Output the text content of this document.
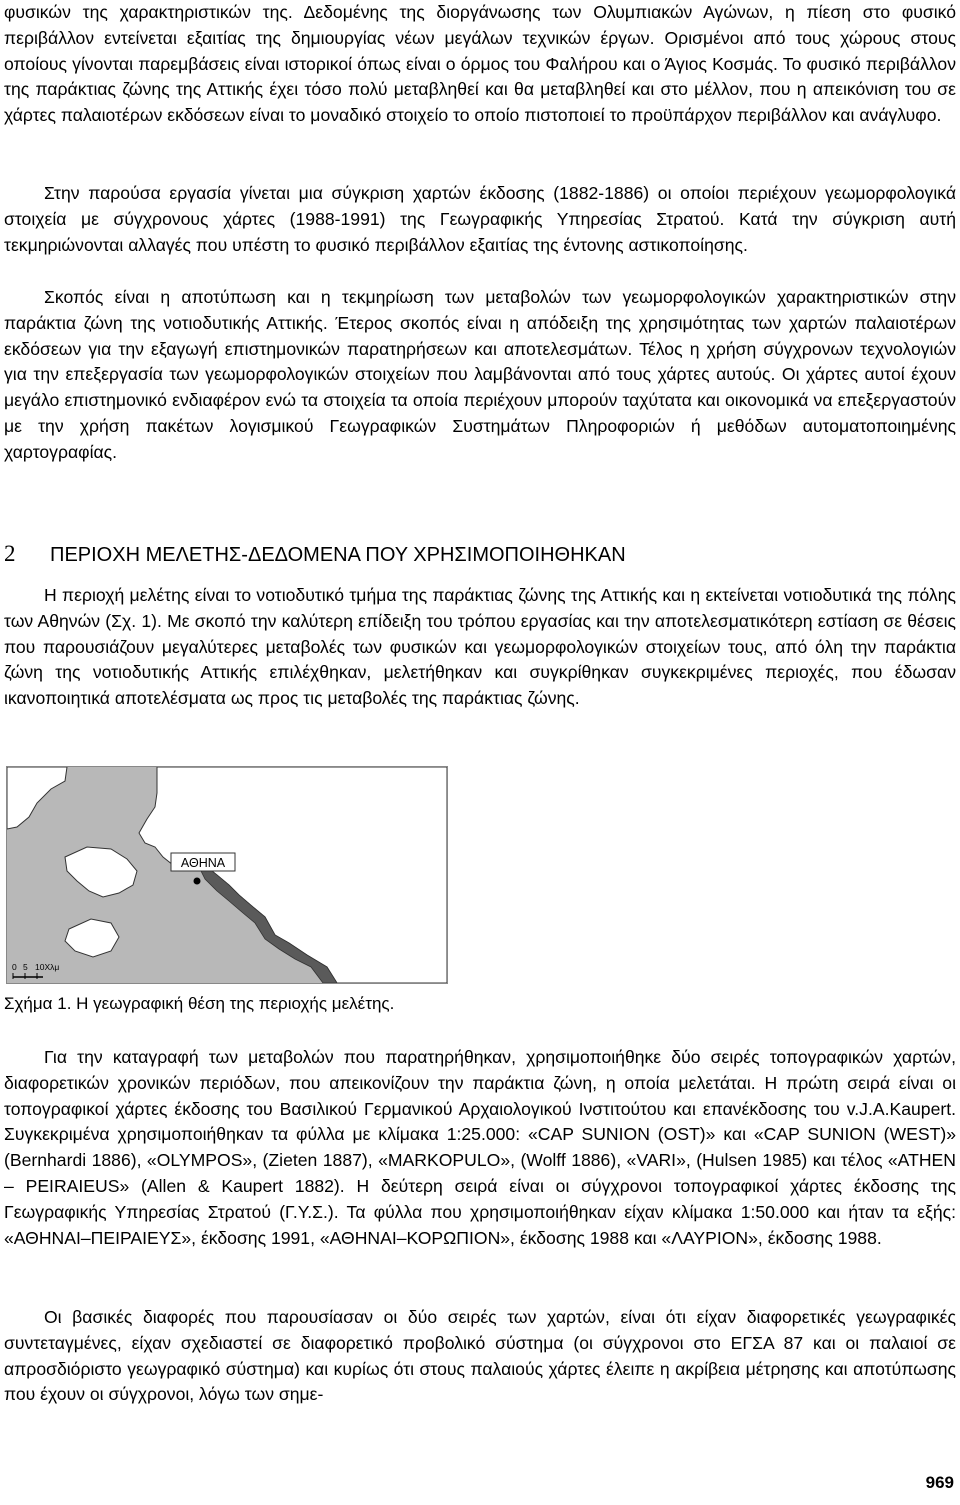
φυσικών της χαρακτηριστικών της. Δεδομένης της διοργάνωσης των Ολυμπιακών Αγώνων, η πίεση στο φυσικό περιβάλλον εντείνεται εξαιτίας της δημιουργίας νέων μεγάλων τεχνικών έργων. Ορισμένοι από τους χώρους στους οποίους γίνονται παρεμβάσεις είναι ιστορικοί όπως είναι ο όρμος του Φαλήρου και ο Άγιος Κοσμάς. Το φυσικό περιβάλλον της παράκτιας ζώνης της Αττικής έχει τόσο πολύ μεταβληθεί και θα μεταβληθεί και στο μέλλον, που η απεικόνιση του σε χάρτες παλαιοτέρων εκδόσεων είναι το μοναδικό στοιχείο το οποίο πιστοποιεί το προϋπάρχον περιβάλλον και ανάγλυφο.

Στην παρούσα εργασία γίνεται μια σύγκριση χαρτών έκδοσης (1882-1886) οι οποίοι περιέχουν γεωμορφολογικά στοιχεία με σύγχρονους χάρτες (1988-1991) της Γεωγραφικής Υπηρεσίας Στρατού. Κατά την σύγκριση αυτή τεκμηριώνονται αλλαγές που υπέστη το φυσικό περιβάλλον εξαιτίας της έντονης αστικοποίησης.

Σκοπός είναι η αποτύπωση και η τεκμηρίωση των μεταβολών των γεωμορφολογικών χαρακτηριστικών στην παράκτια ζώνη της νοτιοδυτικής Αττικής. Έτερος σκοπός είναι η απόδειξη της χρησιμότητας των χαρτών παλαιοτέρων εκδόσεων για την εξαγωγή επιστημονικών παρατηρήσεων και αποτελεσμάτων. Τέλος η χρήση σύγχρονων τεχνολογιών για την επεξεργασία των γεωμορφολογικών στοιχείων που λαμβάνονται από τους χάρτες αυτούς. Οι χάρτες αυτοί έχουν μεγάλο επιστημονικό ενδιαφέρον ενώ τα στοιχεία τα οποία περιέχουν μπορούν ταχύτατα και οικονομικά να επεξεργαστούν με την χρήση πακέτων λογισμικού Γεωγραφικών Συστημάτων Πληροφοριών ή μεθόδων αυτοματοποιημένης χαρτογραφίας.

2 ΠΕΡΙΟΧΗ ΜΕΛΕΤΗΣ-ΔΕΔΟΜΕΝΑ ΠΟΥ ΧΡΗΣΙΜΟΠΟΙΗΘΗΚΑΝ

Η περιοχή μελέτης είναι το νοτιοδυτικό τμήμα της παράκτιας ζώνης της Αττικής και η εκτείνεται νοτιοδυτικά της πόλης των Αθηνών (Σχ. 1). Με σκοπό την καλύτερη επίδειξη του τρόπου εργασίας και την αποτελεσματικότερη εστίαση σε θέσεις που παρουσιάζουν μεγαλύτερες μεταβολές των φυσικών και γεωμορφολογικών στοιχείων τους, από όλη την παράκτια ζώνη της νοτιοδυτικής Αττικής επιλέχθηκαν, μελετήθηκαν και συγκρίθηκαν συγκεκριμένες περιοχές, που έδωσαν ικανοποιητικά αποτελέσματα ως προς τις μεταβολές της παράκτιας ζώνης.

ΑΘΗΝΑ
0 5 10Χλμ
Σχήμα 1. Η γεωγραφική θέση της περιοχής μελέτης.

Για την καταγραφή των μεταβολών που παρατηρήθηκαν, χρησιμοποιήθηκε δύο σειρές τοπογραφικών χαρτών, διαφορετικών χρονικών περιόδων, που απεικονίζουν την παράκτια ζώνη, η οποία μελετάται. Η πρώτη σειρά είναι οι τοπογραφικοί χάρτες έκδοσης του Βασιλικού Γερμανικού Αρχαιολογικού Ινστιτούτου και επανέκδοσης του v.J.A.Kaupert. Συγκεκριμένα χρησιμοποιήθηκαν τα φύλλα με κλίμακα 1:25.000: «CAP SUNION (OST)» και «CAP SUNION (WEST)» (Bernhardi 1886), «OLYMPOS», (Zieten 1887), «MARKOPULO», (Wolff 1886), «VARI», (Hulsen 1985) και τέλος «ATHEN – PEIRAIEUS» (Allen & Kaupert 1882). Η δεύτερη σειρά είναι οι σύγχρονοι τοπογραφικοί χάρτες έκδοσης της Γεωγραφικής Υπηρεσίας Στρατού (Γ.Υ.Σ.). Τα φύλλα που χρησιμοποιήθηκαν είχαν κλίμακα 1:50.000 και ήταν τα εξής: «ΑΘΗΝΑΙ–ΠΕΙΡΑΙΕΥΣ», έκδοσης 1991, «ΑΘΗΝΑΙ–ΚΟΡΩΠΙΟΝ», έκδοσης 1988 και «ΛΑΥΡΙΟΝ», έκδοσης 1988.

Οι βασικές διαφορές που παρουσίασαν οι δύο σειρές των χαρτών, είναι ότι είχαν διαφορετικές γεωγραφικές συντεταγμένες, είχαν σχεδιαστεί σε διαφορετικό προβολικό σύστημα (οι σύγχρονοι στο ΕΓΣΑ 87 και οι παλαιοί σε απροσδιόριστο γεωγραφικό σύστημα) και κυρίως ότι στους παλαιούς χάρτες έλειπε η ακρίβεια μέτρησης και αποτύπωσης που έχουν οι σύγχρονοι, λόγω των σημε-

969
